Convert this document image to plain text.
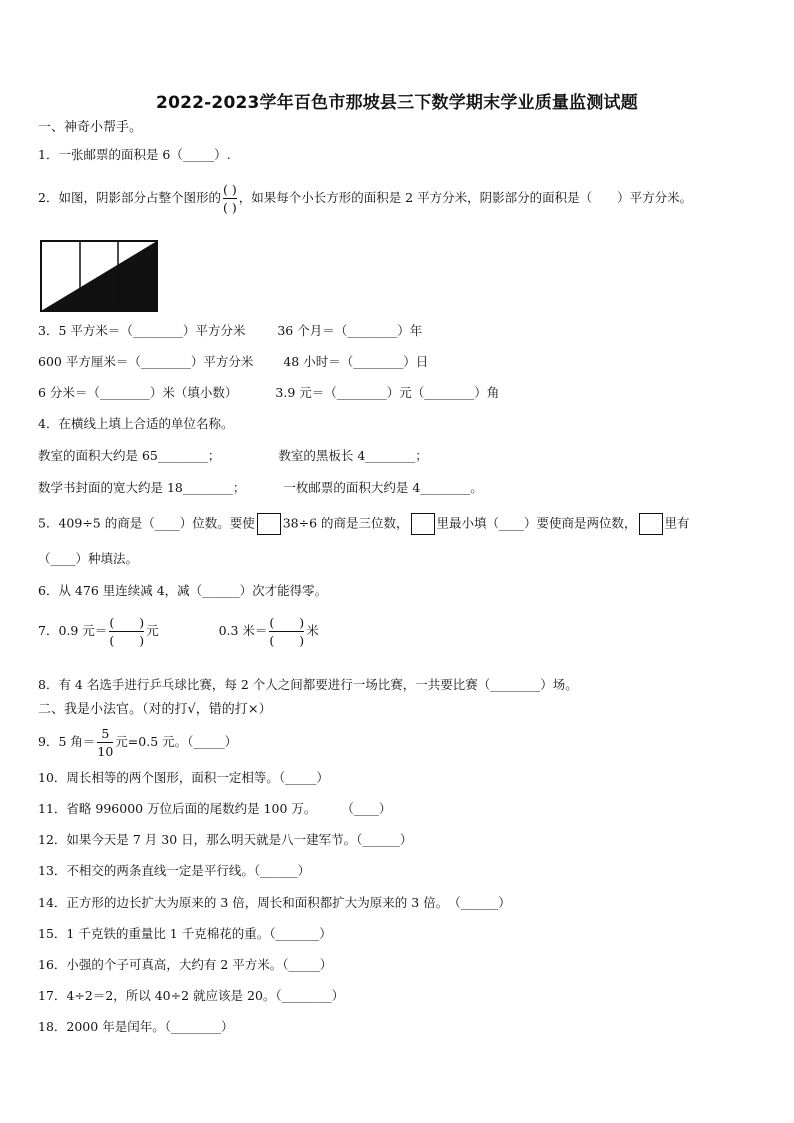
2022-2023学年百色市那坡县三下数学期末学业质量监测试题
一、神奇小帮手。
1．一张邮票的面积是 6（_____）.
2．如图，阴影部分占整个图形的 $\frac{( )}{( )}$ ，如果每个小长方形的面积是 2 平方分米，阴影部分的面积是（　　）平方分米。
3．5 平方米＝（________）平方分米	36 个月＝（________）年
600 平方厘米＝（________）平方分米 48 小时＝（________）日
6 分米＝（________）米（填小数）	3.9 元＝（________）元（________）角
4．在横线上填上合适的单位名称。
教室的面积大约是 65________；	教室的黑板长 4________；
数学书封面的宽大约是 18________；	一枚邮票的面积大约是 4________。
5．409÷5 的商是（____）位数。要使 38÷6 的商是三位数， 里最小填（____）要使商是两位数， 里有
（____）种填法。
6．从 476 里连续减 4，减（______）次才能得零。
7．0.9 元＝ $\frac{( )}{( )}$ 元	0.3 米＝ $\frac{( )}{( )}$ 米
8．有 4 名选手进行乒乓球比赛，每 2 个人之间都要进行一场比赛，一共要比赛（________）场。
二、我是小法官。（对的打√，错的打×）
9．5 角＝ $\frac{5}{10}$ 元=0.5 元。（_____）
10．周长相等的两个图形，面积一定相等。（_____）
11．省略 996000 万位后面的尾数约是 100 万。　　　（____）
12．如果今天是 7 月 30 日，那么明天就是八一建军节。（______）
13．不相交的两条直线一定是平行线。（______）
14．正方形的边长扩大为原来的 3 倍，周长和面积都扩大为原来的 3 倍。　（______）
15．1 千克铁的重量比 1 千克棉花的重。（_______）
16．小强的个子可真高，大约有 2 平方米。（_____）
17．4÷2＝2，所以 40÷2 就应该是 20。（________）
18．2000 年是闰年。（________）
